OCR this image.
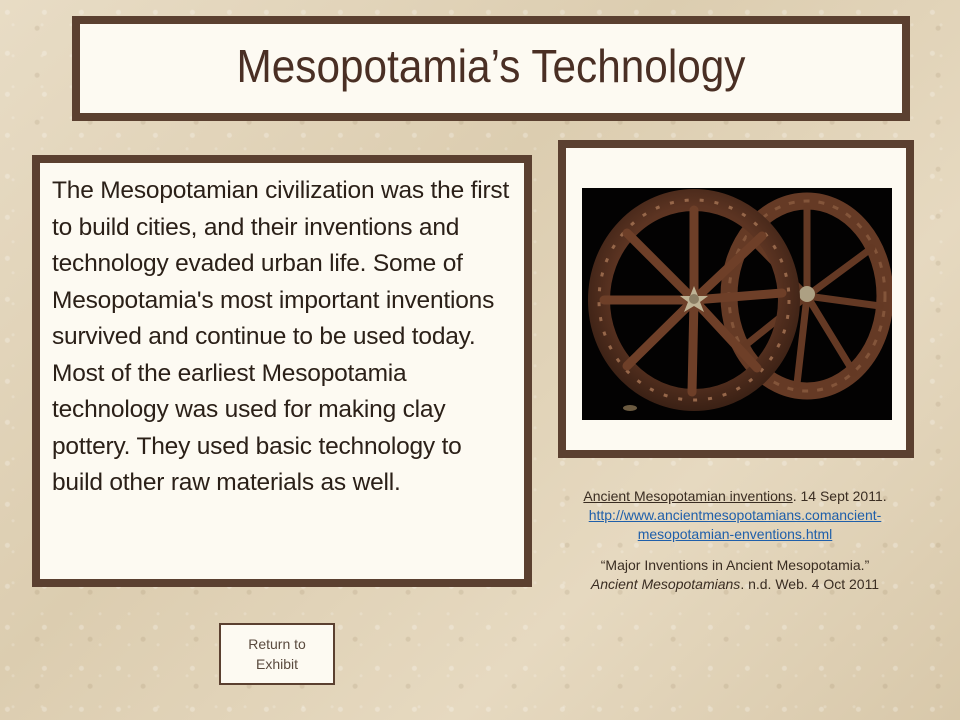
Mesopotamia’s Technology

The Mesopotamian civilization was the first to build cities, and their inventions and technology evaded urban life. Some of Mesopotamia's most important inventions survived and continue to be used today. Most of the earliest Mesopotamia technology was used for making clay pottery. They used basic technology to build other raw materials as well.	Ancient Mesopotamian inventions. 14 Sept 2011.
http://www.ancientmesopotamians.comancient-mesopotamian-enventions.html
“Major Inventions in Ancient Mesopotamia.”
Ancient Mesopotamians. n.d. Web. 4 Oct 2011
Return to
Exhibit
